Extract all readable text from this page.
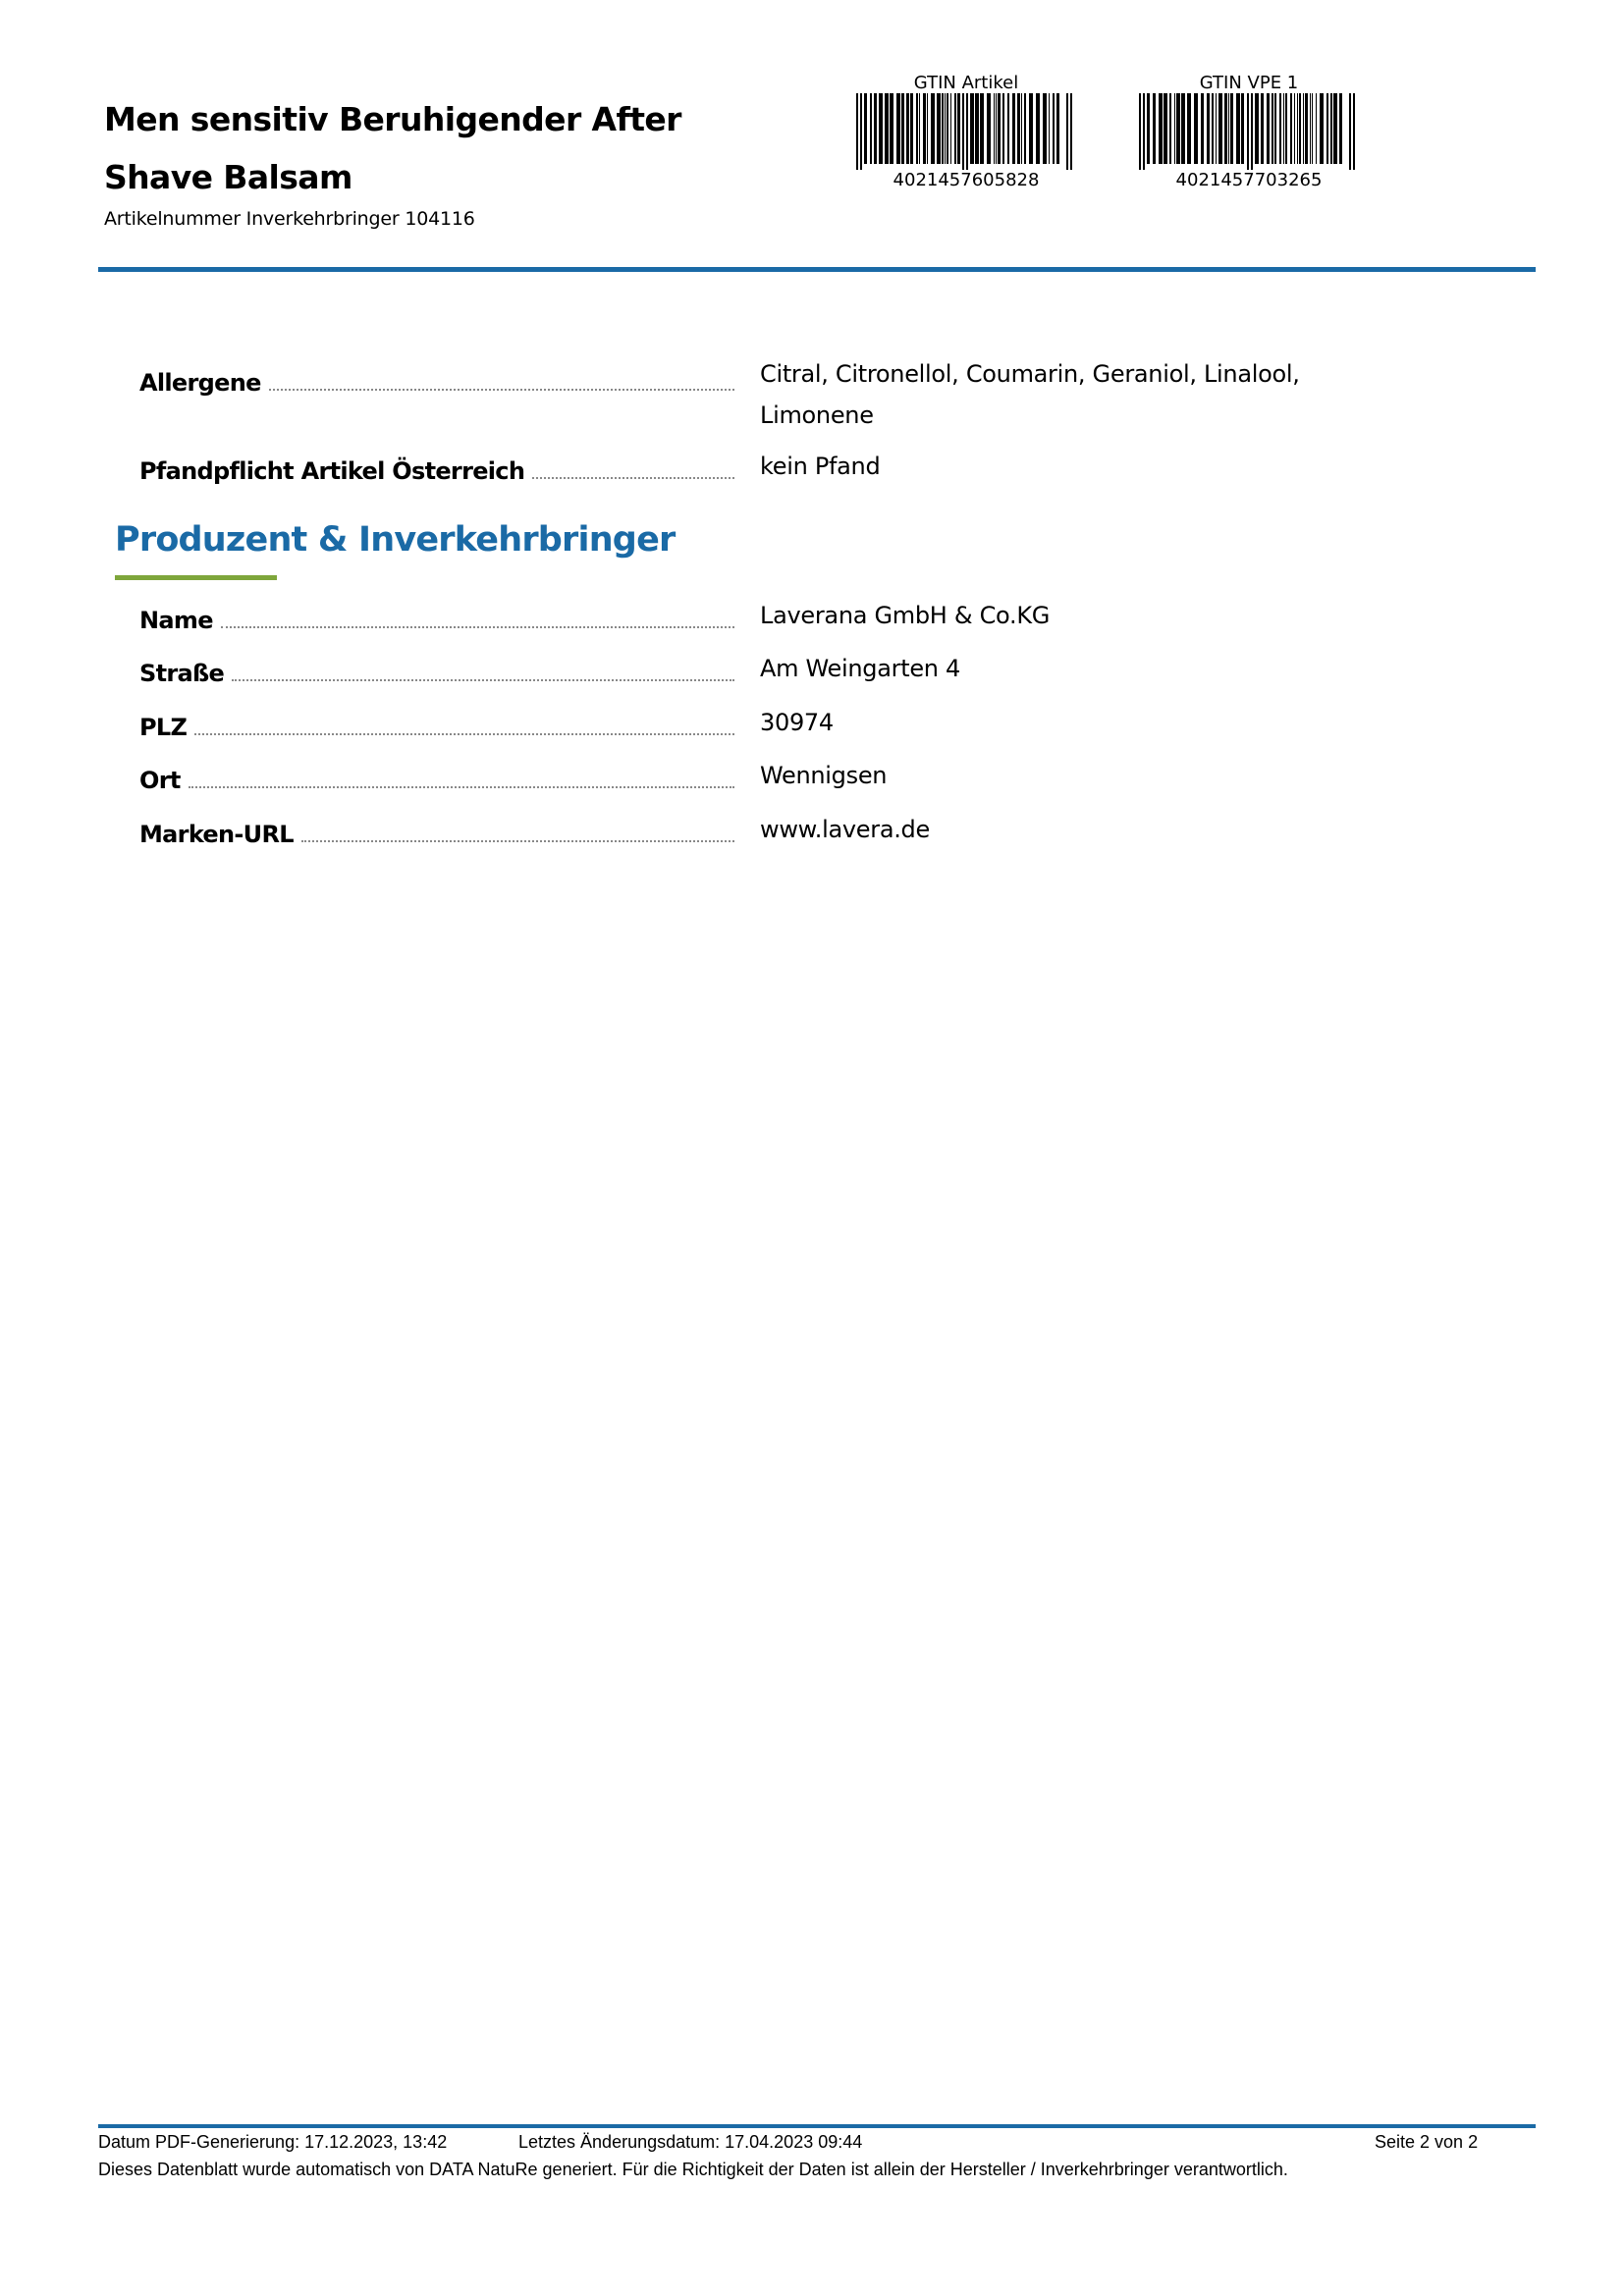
Men sensitiv Beruhigender After Shave Balsam
Artikelnummer Inverkehrbringer 104116
GTIN Artikel
4021457605828
GTIN VPE 1
4021457703265
Allergene	Citral, Citronellol, Coumarin, Geraniol, Linalool, Limonene
Pfandpflicht Artikel Österreich	kein Pfand
Produzent & Inverkehrbringer
Name	Laverana GmbH & Co.KG
Straße	Am Weingarten 4
PLZ	30974
Ort	Wennigsen
Marken-URL	www.lavera.de
Datum PDF-Generierung: 17.12.2023, 13:42	Letztes Änderungsdatum: 17.04.2023 09:44	Seite 2 von 2
Dieses Datenblatt wurde automatisch von DATA NatuRe generiert. Für die Richtigkeit der Daten ist allein der Hersteller / Inverkehrbringer verantwortlich.
